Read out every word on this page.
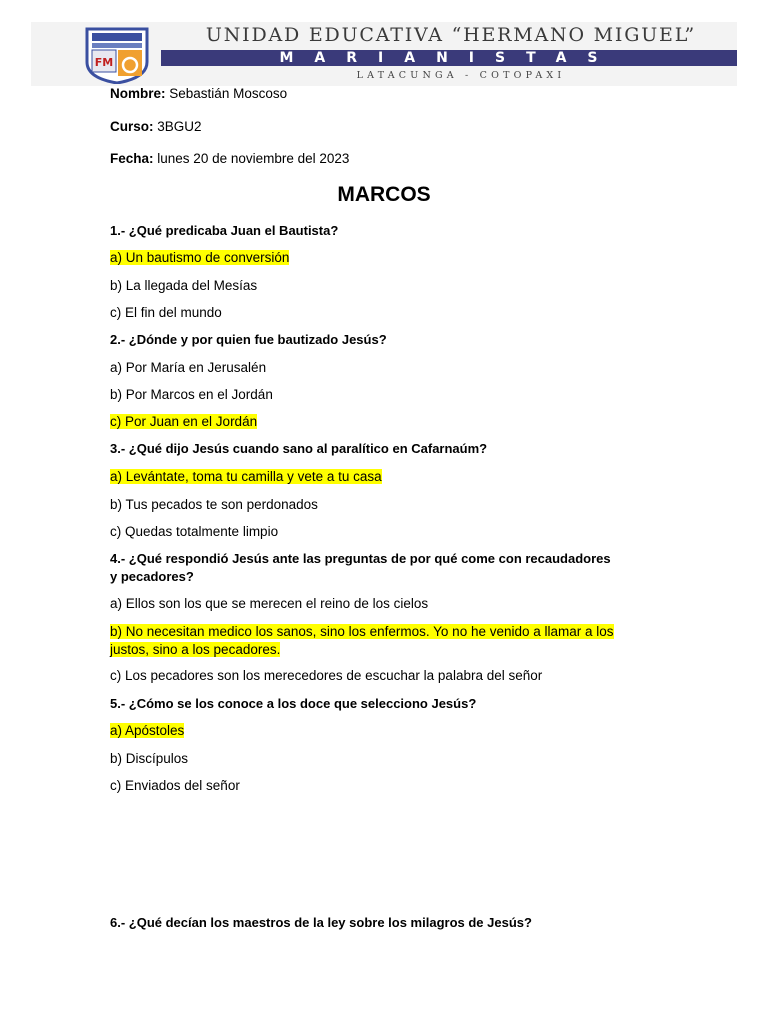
FM
UNIDAD EDUCATIVA “HERMANO MIGUEL”
MARIANISTAS
LATACUNGA - COTOPAXI
Nombre: Sebastián Moscoso
Curso: 3BGU2
Fecha: lunes 20 de noviembre del 2023
MARCOS
1.- ¿Qué predicaba Juan el Bautista?
a) Un bautismo de conversión
b) La llegada del Mesías
c) El fin del mundo
2.- ¿Dónde y por quien fue bautizado Jesús?
a) Por María en Jerusalén
b) Por Marcos en el Jordán
c) Por Juan en el Jordán
3.- ¿Qué dijo Jesús cuando sano al paralítico en Cafarnaúm?
a) Levántate, toma tu camilla y vete a tu casa
b) Tus pecados te son perdonados
c) Quedas totalmente limpio
4.- ¿Qué respondió Jesús ante las preguntas de por qué come con recaudadores
y pecadores?
a) Ellos son los que se merecen el reino de los cielos
b) No necesitan medico los sanos, sino los enfermos. Yo no he venido a llamar a los
justos, sino a los pecadores.
c) Los pecadores son los merecedores de escuchar la palabra del señor
5.- ¿Cómo se los conoce a los doce que selecciono Jesús?
a) Apóstoles
b) Discípulos
c) Enviados del señor
6.- ¿Qué decían los maestros de la ley sobre los milagros de Jesús?
